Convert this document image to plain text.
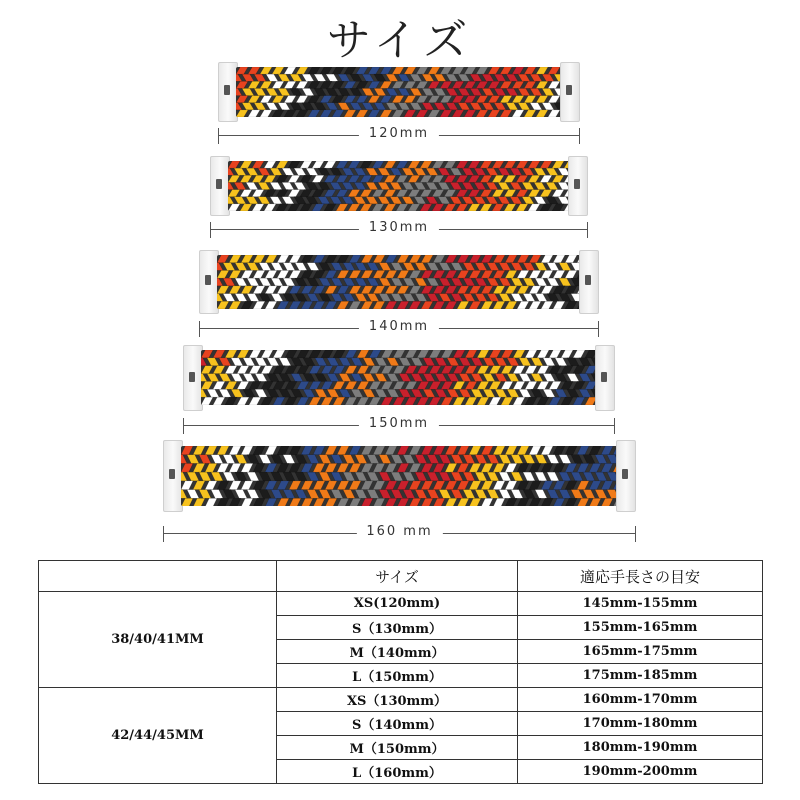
サイズ
120mm
130mm
140mm
150mm
160 mm
	サイズ	適応手長さの目安
38/40/41MM	XS(120mm)	145mm-155mm
	S（130mm）	155mm-165mm
	M（140mm）	165mm-175mm
	L（150mm）	175mm-185mm
42/44/45MM	XS（130mm）	160mm-170mm
	S（140mm）	170mm-180mm
	M（150mm）	180mm-190mm
	L（160mm）	190mm-200mm
